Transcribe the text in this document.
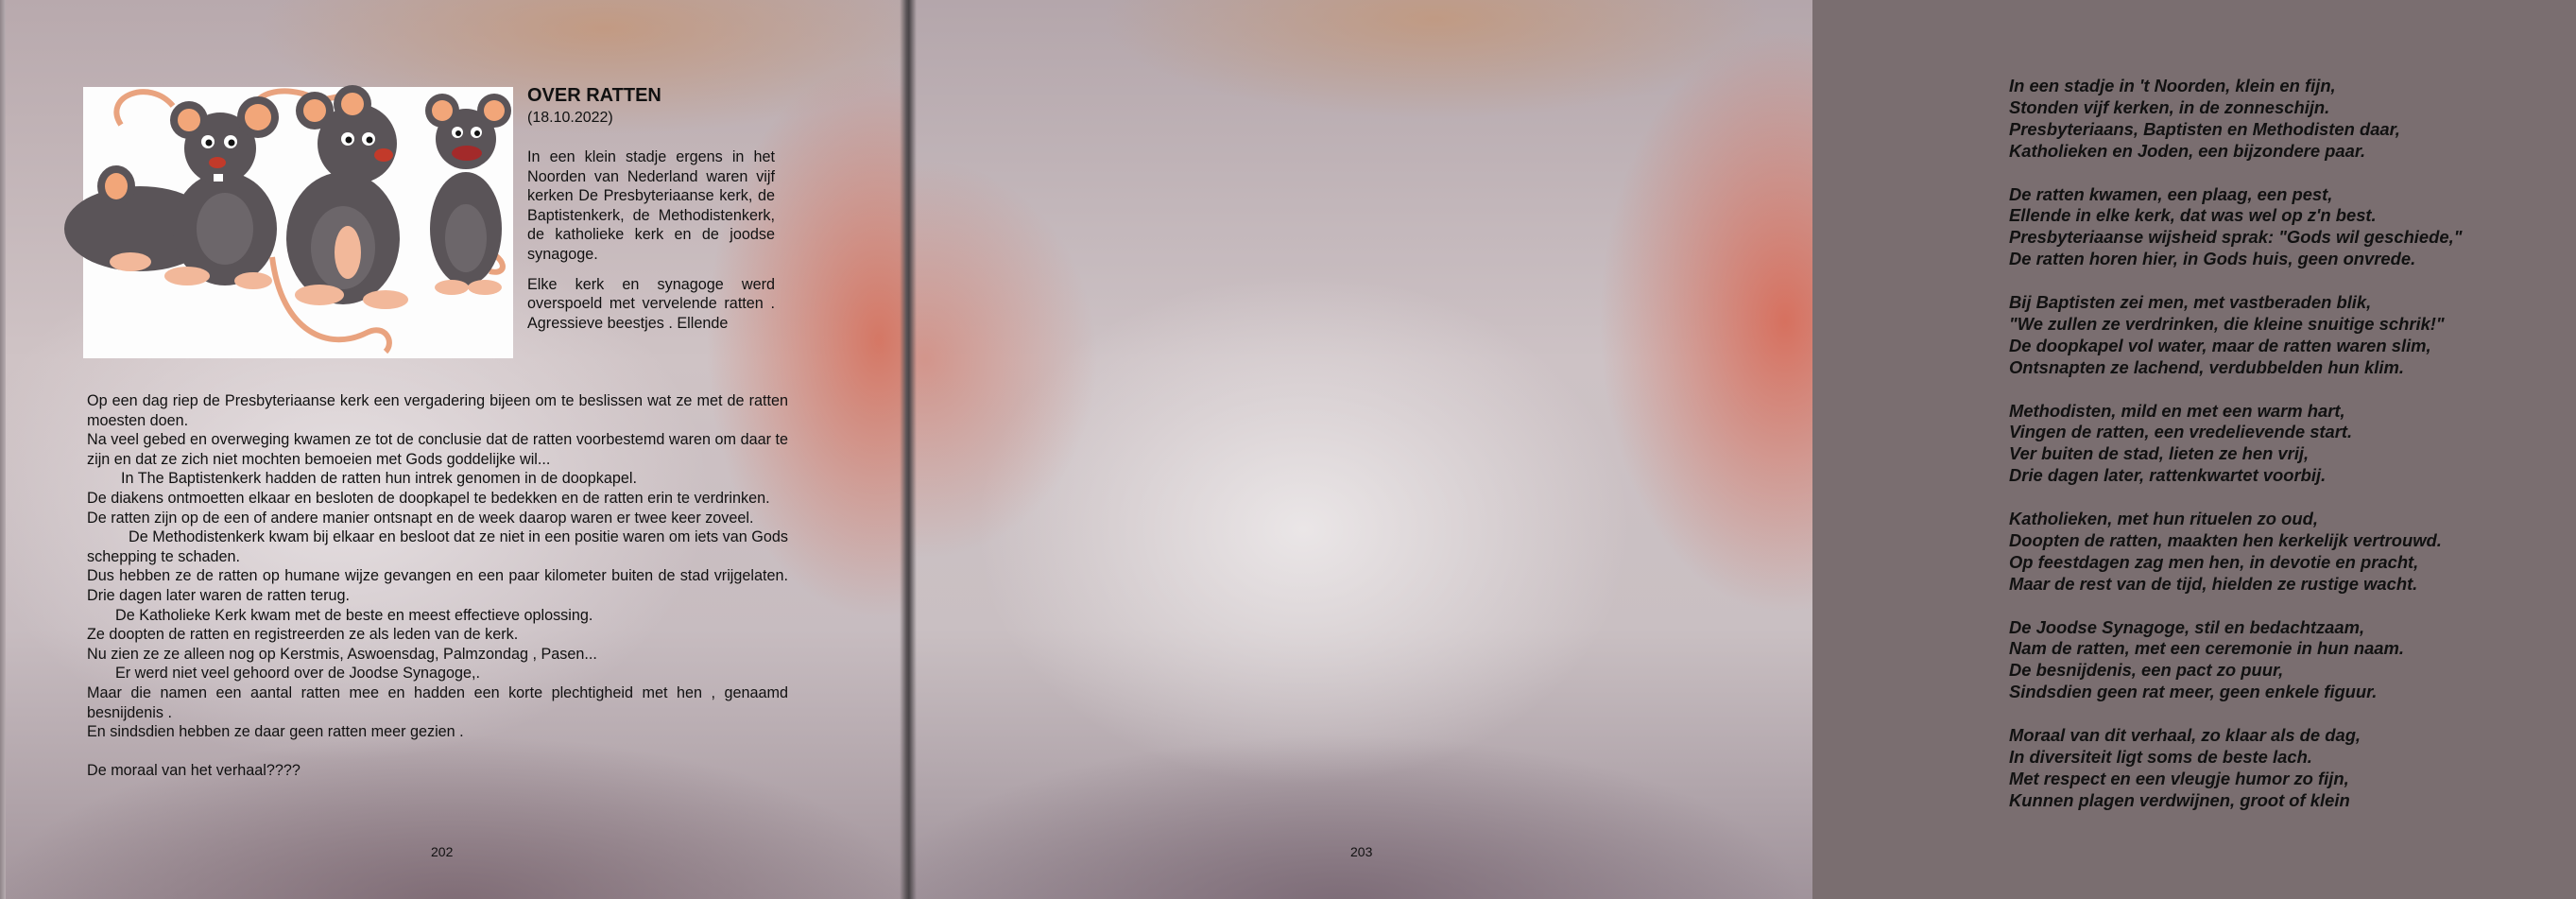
OVER RATTEN
(18.10.2022)

In een klein stadje ergens in het Noorden van Nederland waren vijf kerken De Presbyteriaanse kerk, de Baptistenkerk, de Methodistenkerk, de katholieke kerk en de joodse synagoge.

Elke kerk en synagoge werd overspoeld met vervelende ratten . Agressieve beestjes . Ellende

Op een dag riep de Presbyteriaanse kerk een vergadering bijeen om te beslissen wat ze met de ratten moesten doen.

Na veel gebed en overweging kwamen ze tot de conclusie dat de ratten voorbestemd waren om daar te zijn en dat ze zich niet mochten bemoeien met Gods goddelijke wil...

In The Baptistenkerk hadden de ratten hun intrek genomen in de doopkapel.

De diakens ontmoetten elkaar en besloten de doopkapel te bedekken en de ratten erin te verdrinken.

De ratten zijn op de een of andere manier ontsnapt en de week daarop waren er twee keer zoveel.

De Methodistenkerk kwam bij elkaar en besloot dat ze niet in een positie waren om iets van Gods schepping te schaden.

Dus hebben ze de ratten op humane wijze gevangen en een paar kilometer buiten de stad vrijgelaten. Drie dagen later waren de ratten terug.

De Katholieke Kerk kwam met de beste en meest effectieve oplossing.

Ze doopten de ratten en registreerden ze als leden van de kerk.

Nu zien ze ze alleen nog op Kerstmis, Aswoensdag, Palmzondag , Pasen...

Er werd niet veel gehoord over de Joodse Synagoge,.

Maar die namen een aantal ratten mee en hadden een korte plechtigheid met hen , genaamd besnijdenis .

En sindsdien hebben ze daar geen ratten meer gezien .

De moraal van het verhaal????

202
In een stadje in 't Noorden, klein en fijn,
Stonden vijf kerken, in de zonneschijn.
Presbyteriaans, Baptisten en Methodisten daar,
Katholieken en Joden, een bijzondere paar.
De ratten kwamen, een plaag, een pest,
Ellende in elke kerk, dat was wel op z'n best.
Presbyteriaanse wijsheid sprak: "Gods wil geschiede,"
De ratten horen hier, in Gods huis, geen onvrede.
Bij Baptisten zei men, met vastberaden blik,
"We zullen ze verdrinken, die kleine snuitige schrik!"
De doopkapel vol water, maar de ratten waren slim,
Ontsnapten ze lachend, verdubbelden hun klim.
Methodisten, mild en met een warm hart,
Vingen de ratten, een vredelievende start.
Ver buiten de stad, lieten ze hen vrij,
Drie dagen later, rattenkwartet voorbij.
Katholieken, met hun rituelen zo oud,
Doopten de ratten, maakten hen kerkelijk vertrouwd.
Op feestdagen zag men hen, in devotie en pracht,
Maar de rest van de tijd, hielden ze rustige wacht.
De Joodse Synagoge, stil en bedachtzaam,
Nam de ratten, met een ceremonie in hun naam.
De besnijdenis, een pact zo puur,
Sindsdien geen rat meer, geen enkele figuur.
Moraal van dit verhaal, zo klaar als de dag,
In diversiteit ligt soms de beste lach.
Met respect en een vleugje humor zo fijn,
Kunnen plagen verdwijnen, groot of klein
203
